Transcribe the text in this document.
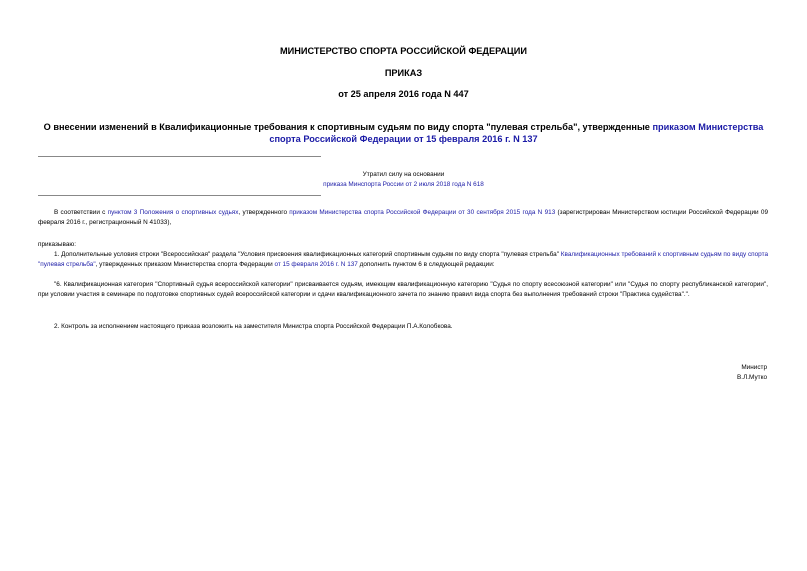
МИНИСТЕРСТВО СПОРТА РОССИЙСКОЙ ФЕДЕРАЦИИ
ПРИКАЗ
от 25 апреля 2016 года N 447
О внесении изменений в Квалификационные требования к спортивным судьям по виду спорта "пулевая стрельба", утвержденные приказом Министерства спорта Российской Федерации от 15 февраля 2016 г. N 137
Утратил силу на основании
приказа Минспорта России от 2 июля 2018 года N 618
В соответствии с пунктом 3 Положения о спортивных судьях, утвержденного приказом Министерства спорта Российской Федерации от 30 сентября 2015 года N 913 (зарегистрирован Министерством юстиции Российской Федерации 09 февраля 2016 г., регистрационный N 41033),
приказываю:
1. Дополнительные условия строки "Всероссийская" раздела "Условия присвоения квалификационных категорий спортивным судьям по виду спорта "пулевая стрельба" Квалификационных требований к спортивным судьям по виду спорта "пулевая стрельба", утвержденных приказом Министерства спорта Федерации от 15 февраля 2016 г. N 137 дополнить пунктом 6 в следующей редакции:
"6. Квалификационная категория "Спортивный судья всероссийской категории" присваивается судьям, имеющим квалификационную категорию "Судья по спорту всесоюзной категории" или "Судья по спорту республиканской категории", при условии участия в семинаре по подготовке спортивных судей всероссийской категории и сдачи квалификационного зачета по знанию правил вида спорта без выполнения требований строки "Практика судейства".".
2. Контроль за исполнением настоящего приказа возложить на заместителя Министра спорта Российской Федерации П.А.Колобкова.
Министр
В.Л.Мутко
